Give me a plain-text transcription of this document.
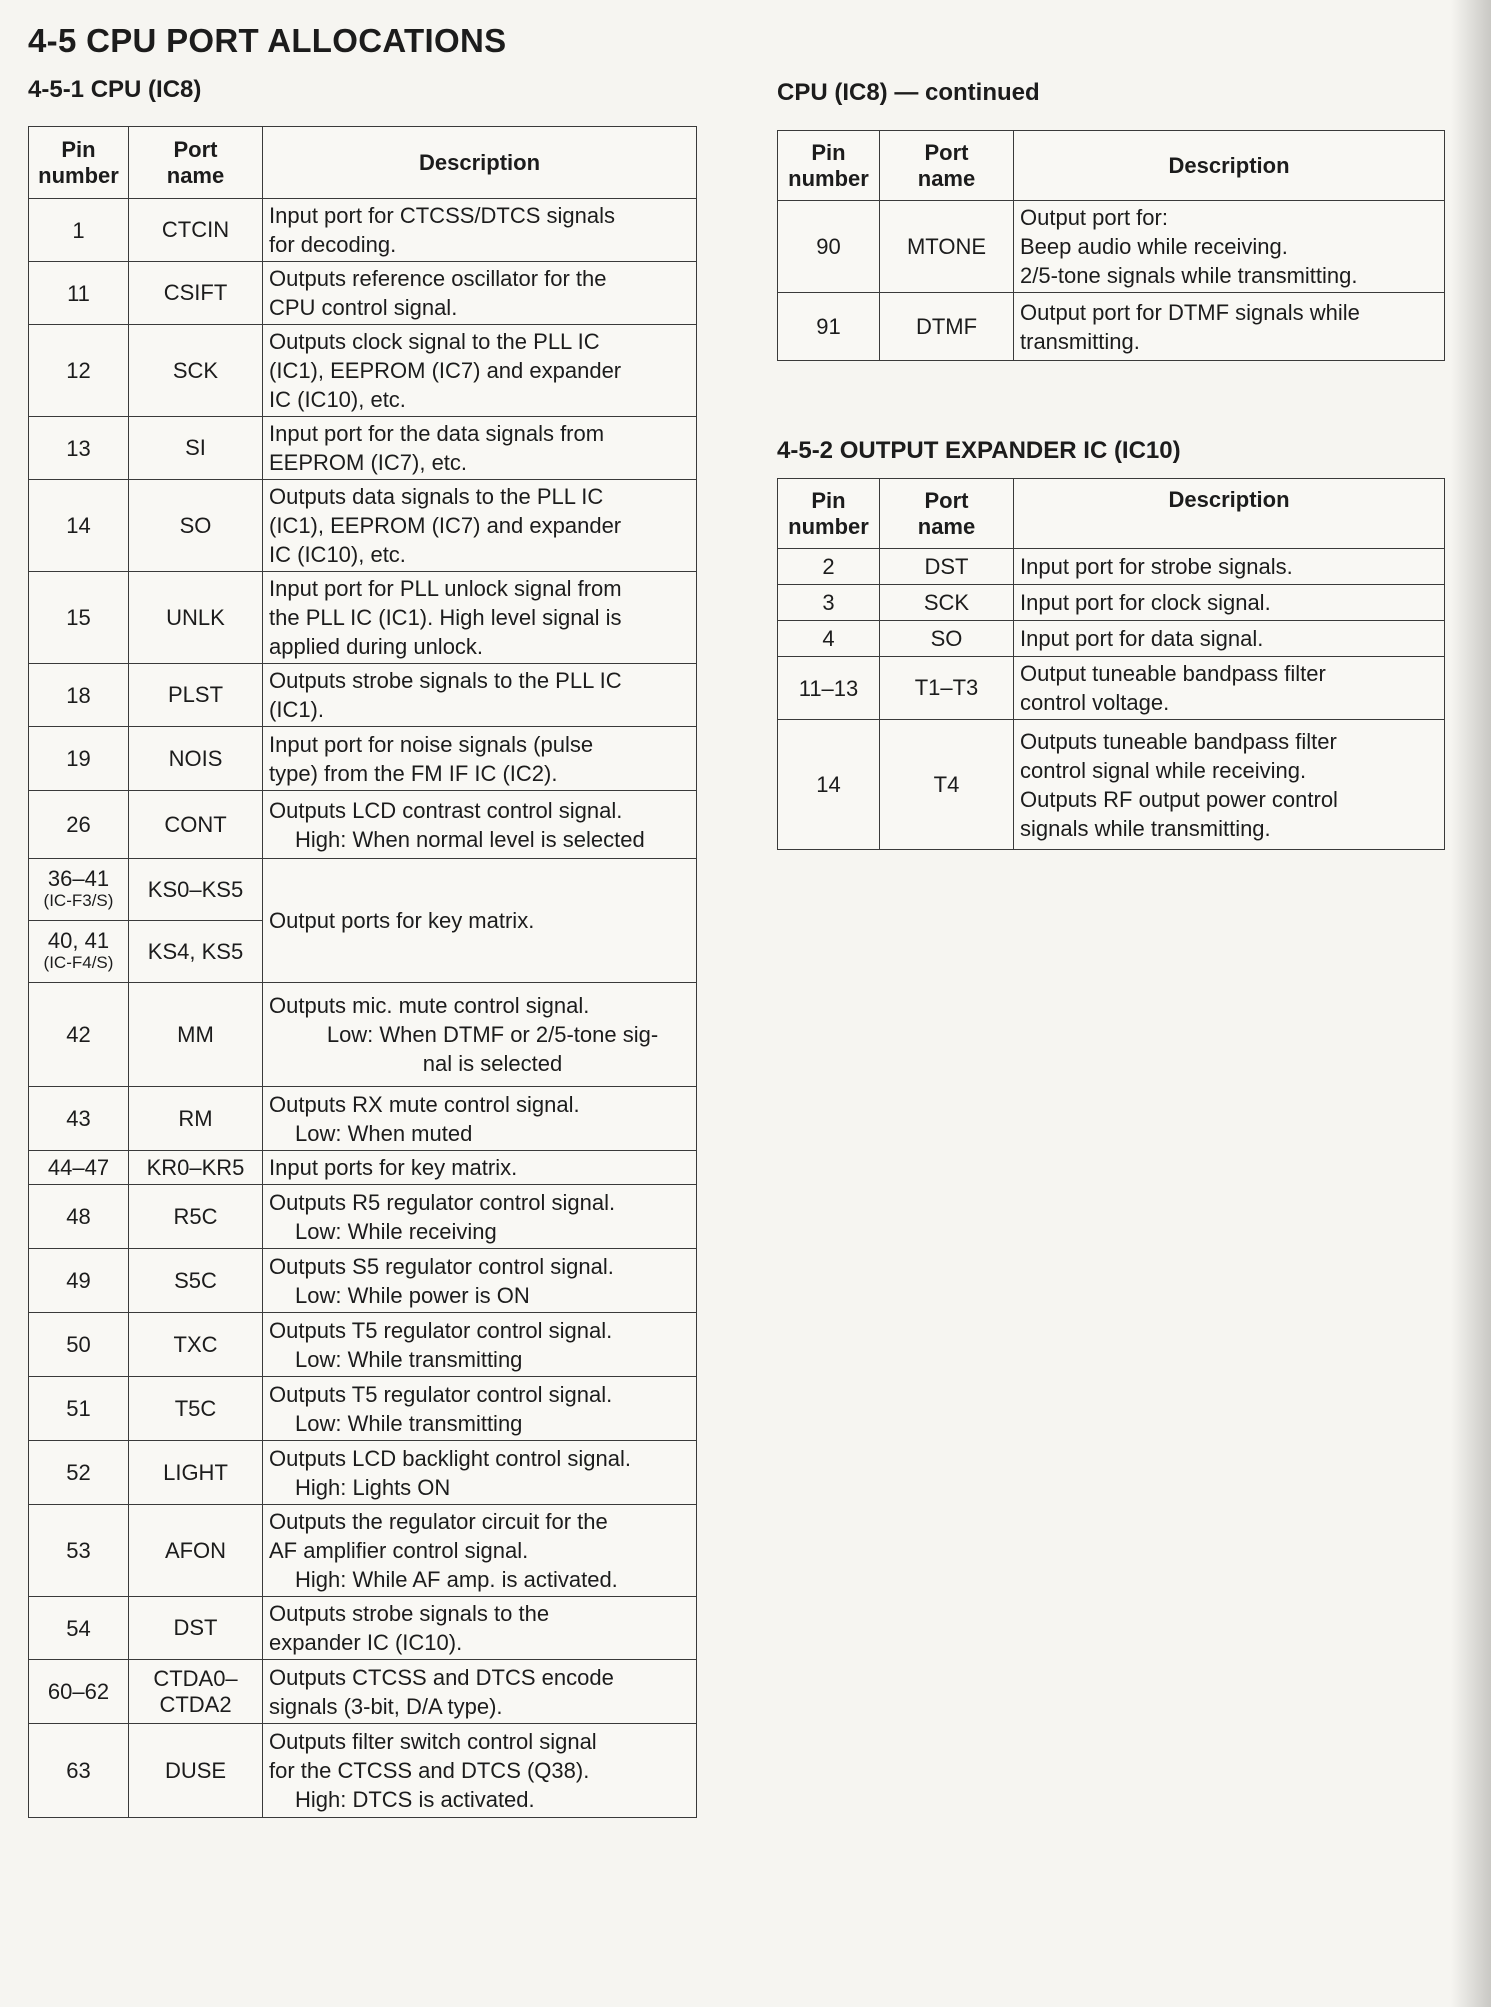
4-5 CPU PORT ALLOCATIONS
4-5-1 CPU (IC8)	CPU (IC8) — continued
4-5-2 OUTPUT EXPANDER IC (IC10)
Pin
number	Port
name	Description
1	CTCIN	Input port for CTCSS/DTCS signals
for decoding.

11	CSIFT	Outputs reference oscillator for the
CPU control signal.

12	SCK	Outputs clock signal to the PLL IC
(IC1), EEPROM (IC7) and expander
IC (IC10), etc.

13	SI	Input port for the data signals from
EEPROM (IC7), etc.

14	SO	Outputs data signals to the PLL IC
(IC1), EEPROM (IC7) and expander
IC (IC10), etc.

15	UNLK	Input port for PLL unlock signal from
the PLL IC (IC1). High level signal is
applied during unlock.

18	PLST	Outputs strobe signals to the PLL IC
(IC1).

19	NOIS	Input port for noise signals (pulse
type) from the FM IF IC (IC2).

26	CONT	Outputs LCD contrast control signal.
High: When normal level is selected

36–41
(IC-F3/S)	KS0–KS5	Output ports for key matrix.

40, 41
(IC-F4/S)	KS4, KS5	
42	MM	Outputs mic. mute control signal.
Low: When DTMF or 2/5-tone sig-
nal is selected

43	RM	Outputs RX mute control signal.
Low: When muted

44–47	KR0–KR5	Input ports for key matrix.

48	R5C	Outputs R5 regulator control signal.
Low: While receiving

49	S5C	Outputs S5 regulator control signal.
Low: While power is ON

50	TXC	Outputs T5 regulator control signal.
Low: While transmitting

51	T5C	Outputs T5 regulator control signal.
Low: While transmitting

52	LIGHT	Outputs LCD backlight control signal.
High: Lights ON

53	AFON	Outputs the regulator circuit for the
AF amplifier control signal.
High: While AF amp. is activated.

54	DST	Outputs strobe signals to the
expander IC (IC10).

60–62	CTDA0–
CTDA2	Outputs CTCSS and DTCS encode
signals (3-bit, D/A type).

63	DUSE	Outputs filter switch control signal
for the CTCSS and DTCS (Q38).
High: DTCS is activated.
Pin
number	Port
name	Description
90	MTONE	Output port for:
Beep audio while receiving.
2/5-tone signals while transmitting.

91	DTMF	Output port for DTMF signals while
transmitting.
Pin
number	Port
name	Description
2	DST	Input port for strobe signals.

3	SCK	Input port for clock signal.

4	SO	Input port for data signal.

11–13	T1–T3	Output tuneable bandpass filter
control voltage.

14	T4	Outputs tuneable bandpass filter
control signal while receiving.
Outputs RF output power control
signals while transmitting.
